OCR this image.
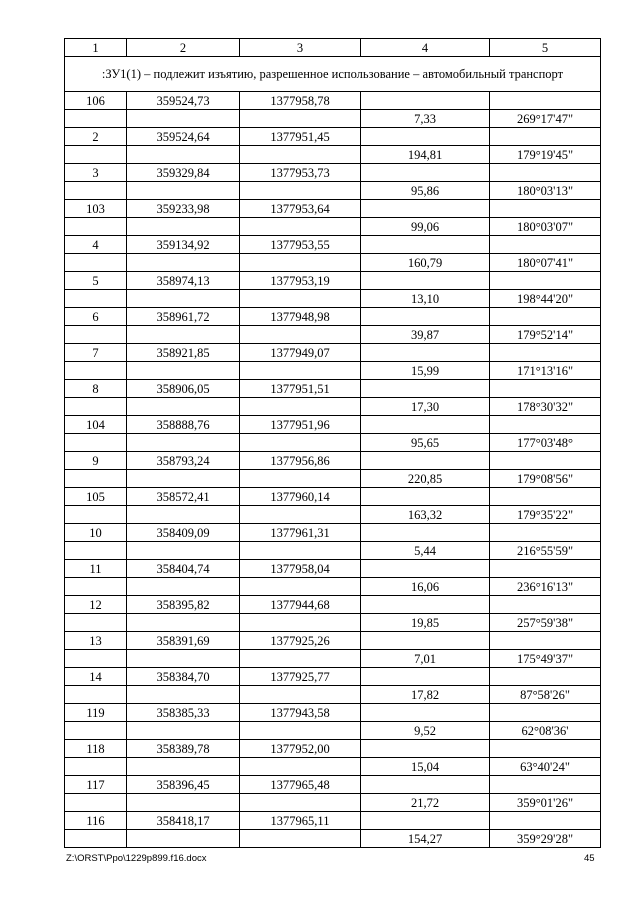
1	2	3	4	5
:ЗУ1(1) – подлежит изъятию, разрешенное использование – автомобильный транспорт				
106	359524,73	1377958,78		
			7,33	269°17'47"
2	359524,64	1377951,45		
			194,81	179°19'45"
3	359329,84	1377953,73		
			95,86	180°03'13"
103	359233,98	1377953,64		
			99,06	180°03'07"
4	359134,92	1377953,55		
			160,79	180°07'41"
5	358974,13	1377953,19		
			13,10	198°44'20"
6	358961,72	1377948,98		
			39,87	179°52'14"
7	358921,85	1377949,07		
			15,99	171°13'16"
8	358906,05	1377951,51		
			17,30	178°30'32"
104	358888,76	1377951,96		
			95,65	177°03'48°
9	358793,24	1377956,86		
			220,85	179°08'56"
105	358572,41	1377960,14		
			163,32	179°35'22"
10	358409,09	1377961,31		
			5,44	216°55'59"
11	358404,74	1377958,04		
			16,06	236°16'13"
12	358395,82	1377944,68		
			19,85	257°59'38"
13	358391,69	1377925,26		
			7,01	175°49'37"
14	358384,70	1377925,77		
			17,82	87°58'26"
119	358385,33	1377943,58		
			9,52	62°08'36'
118	358389,78	1377952,00		
			15,04	63°40'24"
117	358396,45	1377965,48		
			21,72	359°01'26"
116	358418,17	1377965,11		
			154,27	359°29'28"
Z:\ORST\Ppo\1229p899.f16.docx	45
